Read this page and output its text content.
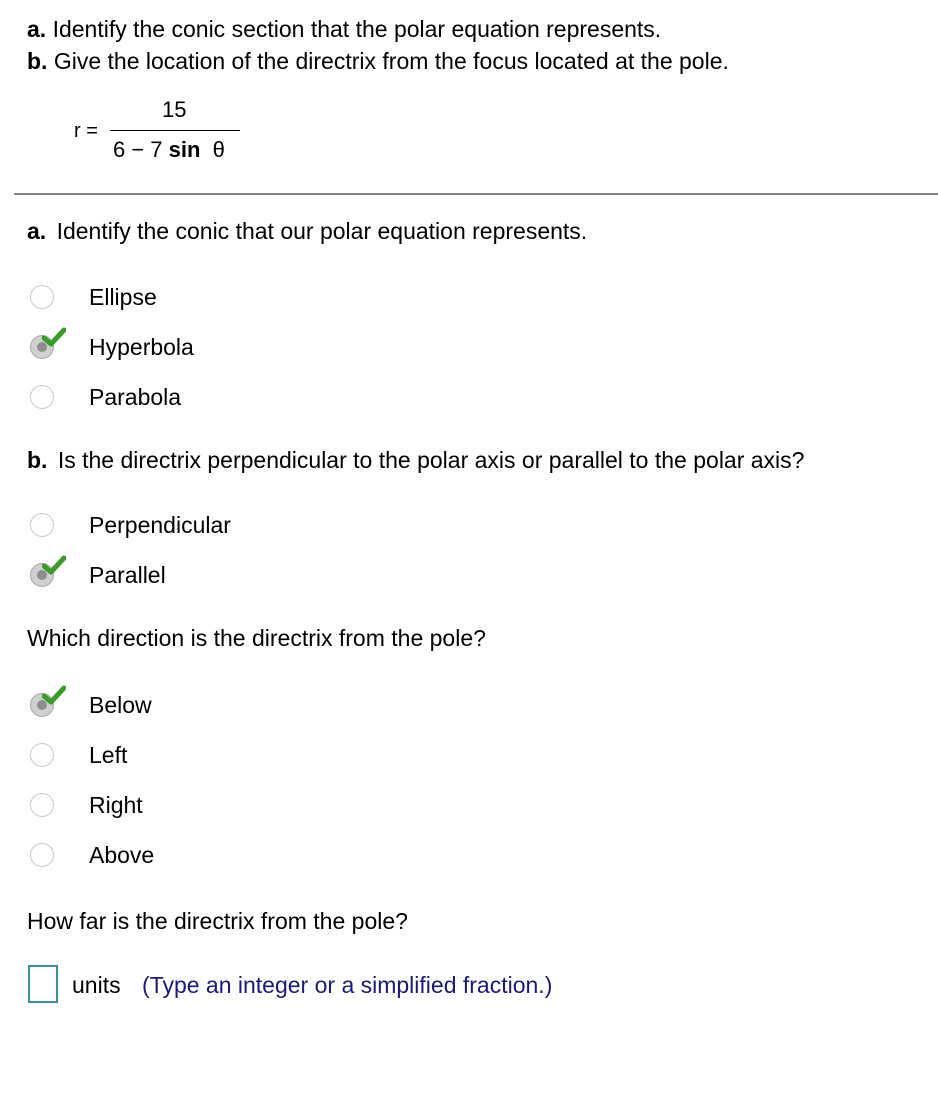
a. Identify the conic section that the polar equation represents.
b. Give the location of the directrix from the focus located at the pole.
r =
15
6 − 7 sin θ
a. Identify the conic that our polar equation represents.
Ellipse
Hyperbola
Parabola
b. Is the directrix perpendicular to the polar axis or parallel to the polar axis?
Perpendicular
Parallel
Which direction is the directrix from the pole?
Below
Left
Right
Above
How far is the directrix from the pole?
units (Type an integer or a simplified fraction.)
